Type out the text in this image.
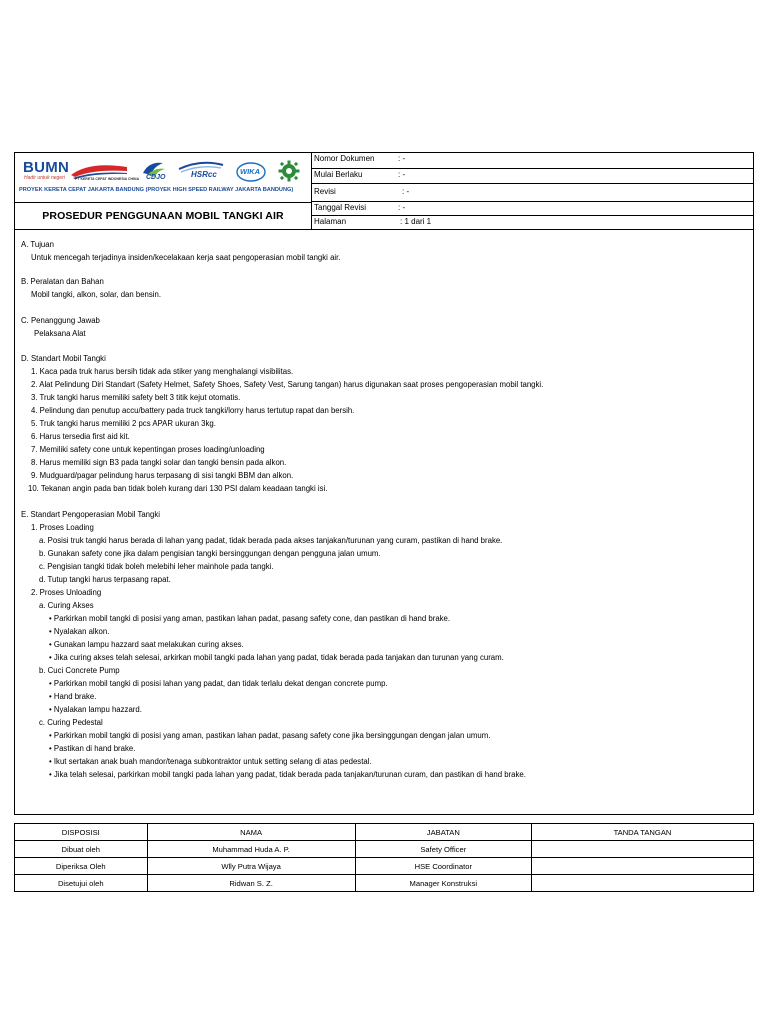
BUMN
Hadir untuk negeri	PT KERETA CEPAT INDONESIA CHINA CDJO	HSRcc	WIKA
PROYEK KERETA CEPAT JAKARTA BANDUNG (PROYEK HIGH SPEED RAILWAY JAKARTA BANDUNG)
PROSEDUR PENGGUNAAN MOBIL TANGKI AIR
Nomor Dokumen	: -
Mulai Berlaku	: -
Revisi	: -
Tanggal Revisi	: -
Halaman	: 1 dari 1
A. Tujuan
Untuk mencegah terjadinya insiden/kecelakaan kerja saat pengoperasian mobil tangki air.
B. Peralatan dan Bahan
Mobil tangki, alkon, solar, dan bensin.
C. Penanggung Jawab
Pelaksana Alat
D. Standart Mobil Tangki
1. Kaca pada truk harus bersih tidak ada stiker yang menghalangi visibilitas.
2. Alat Pelindung Diri Standart (Safety Helmet, Safety Shoes, Safety Vest, Sarung tangan) harus digunakan saat proses pengoperasian mobil tangki.
3. Truk tangki harus memiliki safety belt 3 titik kejut otomatis.
4. Pelindung dan penutup accu/battery pada truck tangki/lorry harus tertutup rapat dan bersih.
5. Truk tangki harus memiliki 2 pcs APAR ukuran 3kg.
6. Harus tersedia first aid kit.
7. Memiliki safety cone untuk kepentingan proses loading/unloading
8. Harus memiliki sign B3 pada tangki solar dan tangki bensin pada alkon.
9. Mudguard/pagar pelindung harus terpasang di sisi tangki BBM dan alkon.
10. Tekanan angin pada ban tidak boleh kurang dari 130 PSI dalam keadaan tangki isi.
E. Standart Pengoperasian Mobil Tangki
1. Proses Loading
a. Posisi truk tangki harus berada di lahan yang padat, tidak berada pada akses tanjakan/turunan yang curam, pastikan di hand brake.
b. Gunakan safety cone jika dalam pengisian tangki bersinggungan dengan pengguna jalan umum.
c. Pengisian tangki tidak boleh melebihi leher mainhole pada tangki.
d. Tutup tangki harus terpasang rapat.
2. Proses Unloading
a. Curing Akses
• Parkirkan mobil tangki di posisi yang aman, pastikan lahan padat, pasang safety cone, dan pastikan di hand brake.
• Nyalakan alkon.
• Gunakan lampu hazzard saat melakukan curing akses.
• Jika curing akses telah selesai, arkirkan mobil tangki pada lahan yang padat, tidak berada pada tanjakan dan turunan yang curam.
b. Cuci Concrete Pump
• Parkirkan mobil tangki di posisi lahan yang padat, dan tidak terlalu dekat dengan concrete pump.
• Hand brake.
• Nyalakan lampu hazzard.
c. Curing Pedestal
• Parkirkan mobil tangki di posisi yang aman, pastikan lahan padat, pasang safety cone jika bersinggungan dengan jalan umum.
• Pastikan di hand brake.
• Ikut sertakan anak buah mandor/tenaga subkontraktor untuk setting selang di atas pedestal.
• Jika telah selesai, parkirkan mobil tangki pada lahan yang padat, tidak berada pada tanjakan/turunan curam, dan pastikan di hand brake.
DISPOSISI	NAMA	JABATAN	TANDA TANGAN
Dibuat oleh	Muhammad Huda A. P.	Safety Officer	
Diperiksa Oleh	Wlly Putra Wijaya	HSE Coordinator	
Disetujui oleh	Ridwan S. Z.	Manager Konstruksi	
